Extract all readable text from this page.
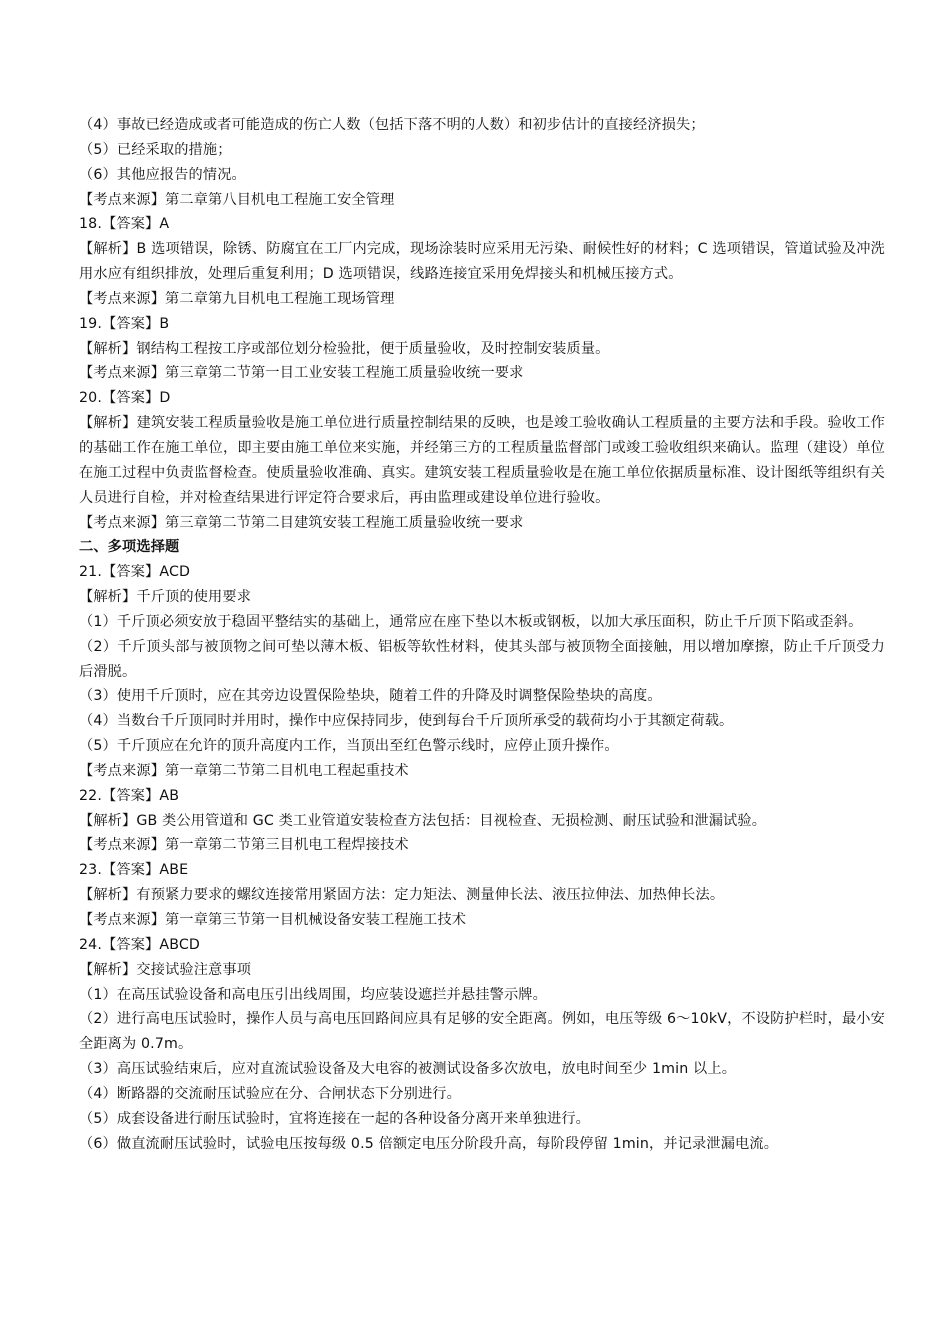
（4）事故已经造成或者可能造成的伤亡人数（包括下落不明的人数）和初步估计的直接经济损失；
（5）已经采取的措施；
（6）其他应报告的情况。
【考点来源】第二章第八目机电工程施工安全管理
18.【答案】A
【解析】B 选项错误，除锈、防腐宜在工厂内完成，现场涂装时应采用无污染、耐候性好的材料；C 选项错误，管道试验及冲洗用水应有组织排放，处理后重复利用；D 选项错误，线路连接宜采用免焊接头和机械压接方式。
【考点来源】第二章第九目机电工程施工现场管理
19.【答案】B
【解析】钢结构工程按工序或部位划分检验批，便于质量验收，及时控制安装质量。
【考点来源】第三章第二节第一目工业安装工程施工质量验收统一要求
20.【答案】D
【解析】建筑安装工程质量验收是施工单位进行质量控制结果的反映，也是竣工验收确认工程质量的主要方法和手段。验收工作的基础工作在施工单位，即主要由施工单位来实施，并经第三方的工程质量监督部门或竣工验收组织来确认。监理（建设）单位在施工过程中负责监督检查。使质量验收准确、真实。建筑安装工程质量验收是在施工单位依据质量标准、设计图纸等组织有关人员进行自检，并对检查结果进行评定符合要求后，再由监理或建设单位进行验收。
【考点来源】第三章第二节第二目建筑安装工程施工质量验收统一要求
二、多项选择题
21.【答案】ACD
【解析】千斤顶的使用要求
（1）千斤顶必须安放于稳固平整结实的基础上，通常应在座下垫以木板或钢板，以加大承压面积，防止千斤顶下陷或歪斜。
（2）千斤顶头部与被顶物之间可垫以薄木板、铝板等软性材料，使其头部与被顶物全面接触，用以增加摩擦，防止千斤顶受力后滑脱。
（3）使用千斤顶时，应在其旁边设置保险垫块，随着工件的升降及时调整保险垫块的高度。
（4）当数台千斤顶同时并用时，操作中应保持同步，使到每台千斤顶所承受的载荷均小于其额定荷载。
（5）千斤顶应在允许的顶升高度内工作，当顶出至红色警示线时，应停止顶升操作。
【考点来源】第一章第二节第二目机电工程起重技术
22.【答案】AB
【解析】GB 类公用管道和 GC 类工业管道安装检查方法包括：目视检查、无损检测、耐压试验和泄漏试验。
【考点来源】第一章第二节第三目机电工程焊接技术
23.【答案】ABE
【解析】有预紧力要求的螺纹连接常用紧固方法：定力矩法、测量伸长法、液压拉伸法、加热伸长法。
【考点来源】第一章第三节第一目机械设备安装工程施工技术
24.【答案】ABCD
【解析】交接试验注意事项
（1）在高压试验设备和高电压引出线周围，均应装设遮拦并悬挂警示牌。
（2）进行高电压试验时，操作人员与高电压回路间应具有足够的安全距离。例如，电压等级 6～10kV，不设防护栏时，最小安全距离为 0.7m。
（3）高压试验结束后，应对直流试验设备及大电容的被测试设备多次放电，放电时间至少 1min 以上。
（4）断路器的交流耐压试验应在分、合闸状态下分别进行。
（5）成套设备进行耐压试验时，宜将连接在一起的各种设备分离开来单独进行。
（6）做直流耐压试验时，试验电压按每级 0.5 倍额定电压分阶段升高，每阶段停留 1min，并记录泄漏电流。
